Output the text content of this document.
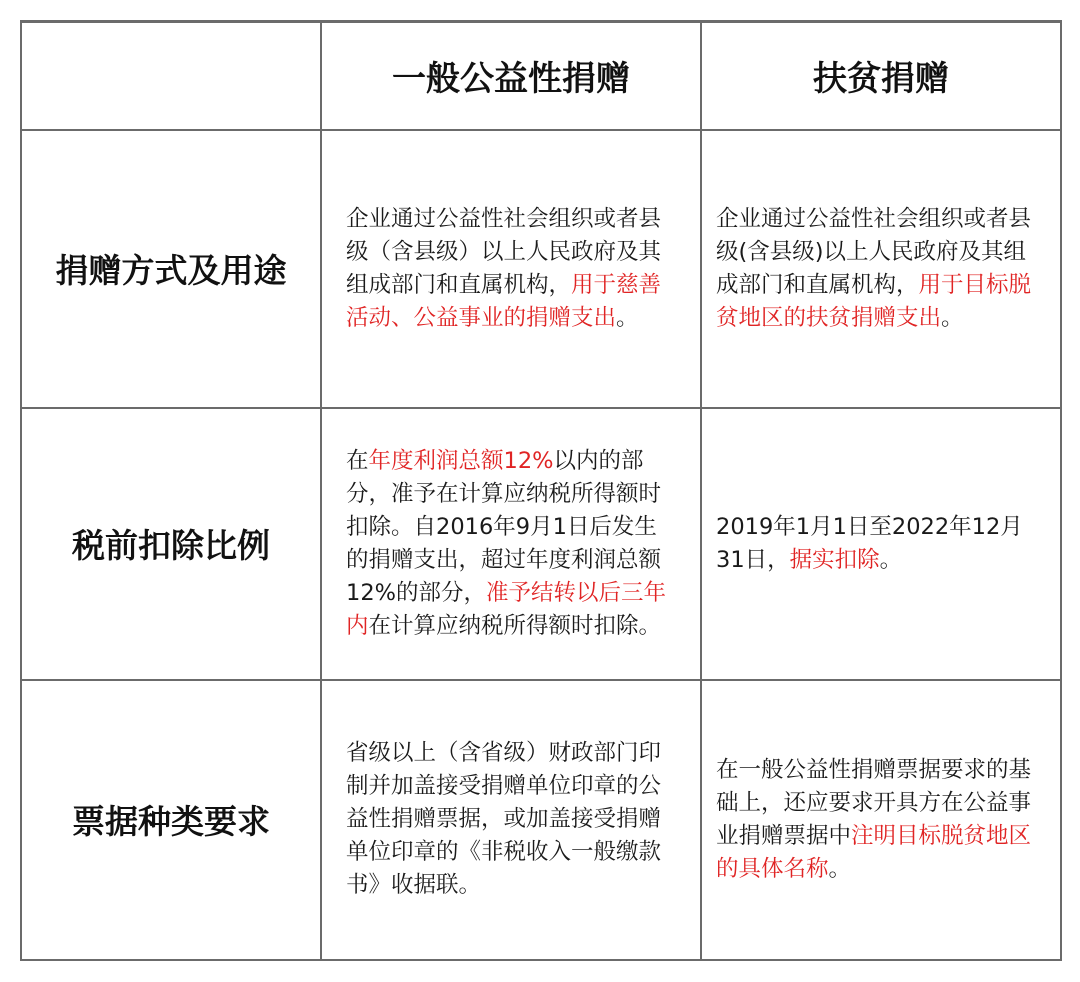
	一般公益性捐赠	扶贫捐赠
捐赠方式及用途	企业通过公益性社会组织或者县级（含县级）以上人民政府及其组成部门和直属机构，用于慈善活动、公益事业的捐赠支出。	企业通过公益性社会组织或者县级(含县级)以上人民政府及其组成部门和直属机构，用于目标脱贫地区的扶贫捐赠支出。

税前扣除比例	在年度利润总额12%以内的部分，准予在计算应纳税所得额时扣除。自2016年9月1日后发生的捐赠支出，超过年度利润总额12%的部分，准予结转以后三年内在计算应纳税所得额时扣除。	2019年1月1日至2022年12月31日，据实扣除。

票据种类要求	省级以上（含省级）财政部门印制并加盖接受捐赠单位印章的公益性捐赠票据，或加盖接受捐赠单位印章的《非税收入一般缴款书》收据联。	在一般公益性捐赠票据要求的基础上，还应要求开具方在公益事业捐赠票据中注明目标脱贫地区的具体名称。
